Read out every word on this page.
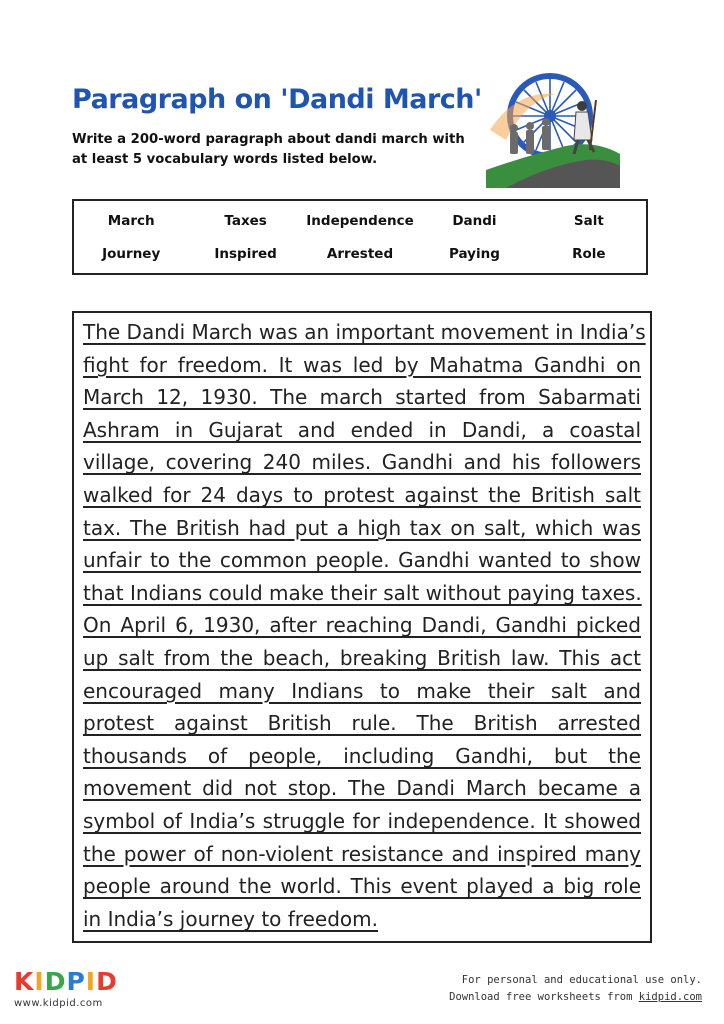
Paragraph on 'Dandi March'
Write a 200-word paragraph about dandi march with at least 5 vocabulary words listed below.
March	Taxes	Independence	Dandi	Salt
Journey	Inspired	Arrested	Paying	Role
The Dandi March was an important movement in India’s
fight for freedom. It was led by Mahatma Gandhi on
March 12, 1930. The march started from Sabarmati
Ashram in Gujarat and ended in Dandi, a coastal
village, covering 240 miles. Gandhi and his followers
walked for 24 days to protest against the British salt
tax. The British had put a high tax on salt, which was
unfair to the common people. Gandhi wanted to show
that Indians could make their salt without paying taxes.
On April 6, 1930, after reaching Dandi, Gandhi picked
up salt from the beach, breaking British law. This act
encouraged many Indians to make their salt and
protest against British rule. The British arrested
thousands of people, including Gandhi, but the
movement did not stop. The Dandi March became a
symbol of India’s struggle for independence. It showed
the power of non-violent resistance and inspired many
people around the world. This event played a big role
in India’s journey to freedom.
KIDPID
www.kidpid.com
For personal and educational use only.
Download free worksheets from kidpid.com
